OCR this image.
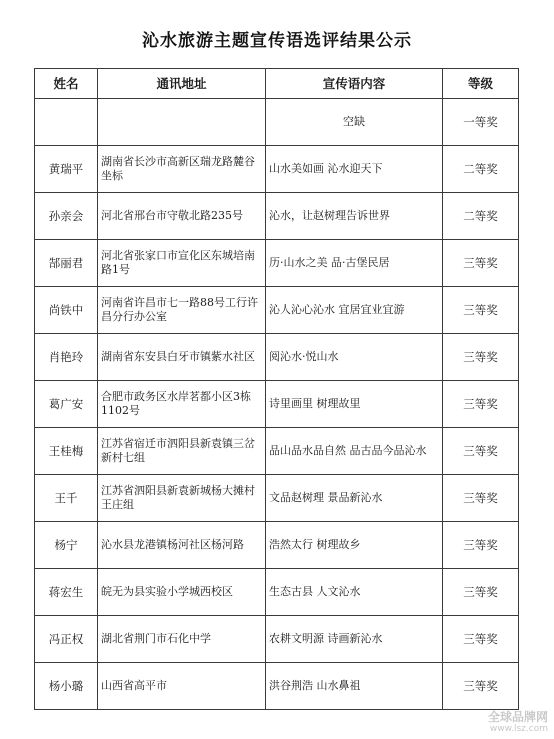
沁水旅游主题宣传语选评结果公示
姓名	通讯地址	宣传语内容	等级
		空缺	一等奖
黄瑞平	湖南省长沙市高新区瑞龙路麓谷坐标	山水美如画 沁水迎天下	二等奖
孙亲会	河北省邢台市守敬北路235号	沁水，让赵树理告诉世界	二等奖
郜丽君	河北省张家口市宣化区东城培南路1号	历·山水之美 品·古堡民居	三等奖
尚铁中	河南省许昌市七一路88号工行许昌分行办公室	沁人沁心沁水 宜居宜业宜游	三等奖
肖艳玲	湖南省东安县白牙市镇紫水社区	阅沁水·悦山水	三等奖
葛广安	合肥市政务区水岸茗都小区3栋1102号	诗里画里 树理故里	三等奖
王桂梅	江苏省宿迁市泗阳县新袁镇三岔新村七组	品山品水品自然 品古品今品沁水	三等奖
王千	江苏省泗阳县新袁新城杨大摊村王庄组	文品赵树理 景品新沁水	三等奖
杨宁	沁水县龙港镇杨河社区杨河路	浩然太行 树理故乡	三等奖
蒋宏生	皖无为县实验小学城西校区	生态古县 人文沁水	三等奖
冯正权	湖北省荆门市石化中学	农耕文明源 诗画新沁水	三等奖
杨小璐	山西省高平市	洪谷荆浩 山水鼻祖	三等奖
全球品牌网
www.lsz.com
